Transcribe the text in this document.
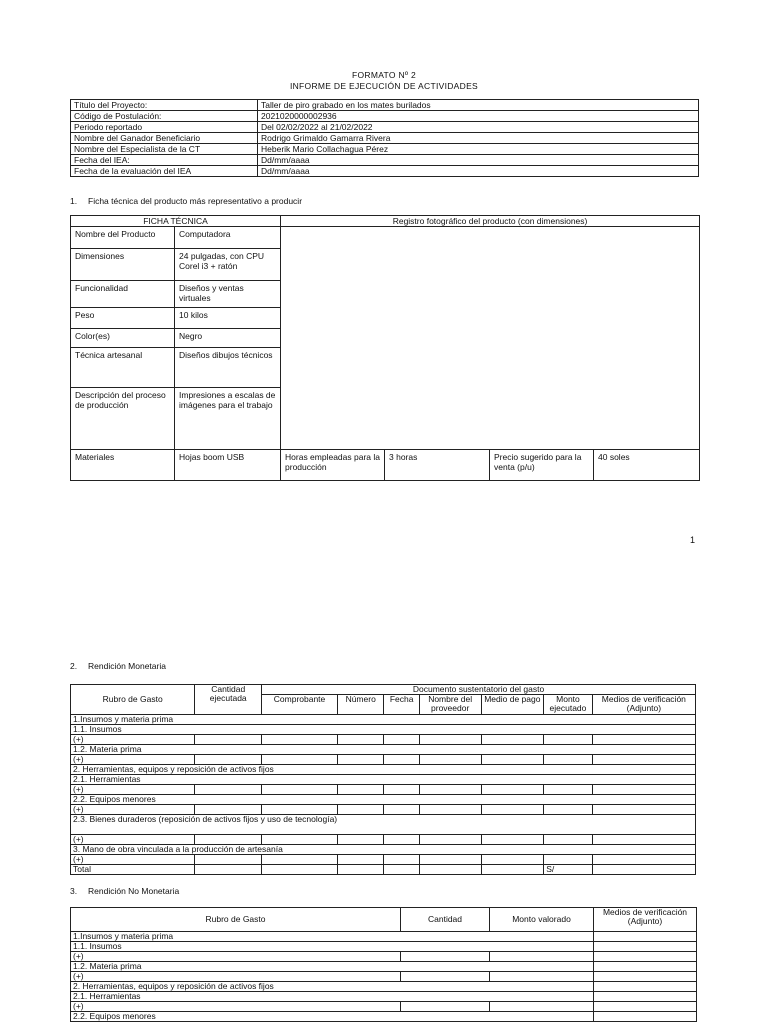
FORMATO Nº 2
INFORME DE EJECUCIÓN DE ACTIVIDADES
Título del Proyecto:	Taller de piro grabado en los mates burilados
Código de Postulación:	2021020000002936
Periodo reportado	Del 02/02/2022 al 21/02/2022
Nombre del Ganador Beneficiario	Rodrigo Grimaldo Gamarra Rivera
Nombre del Especialista de la CT	Heberik Mario Collachagua Pérez
Fecha del IEA:	Dd/mm/aaaa
Fecha de la evaluación del IEA	Dd/mm/aaaa
1. Ficha técnica del producto más representativo a producir
FICHA TÉCNICA		Registro fotográfico del producto (con dimensiones)			
Nombre del Producto	Computadora				
Dimensiones	24 pulgadas, con CPU Corel i3 + ratón				
Funcionalidad	Diseños y ventas virtuales				
Peso	10 kilos				
Color(es)	Negro				
Técnica artesanal	Diseños dibujos técnicos				
Descripción del proceso de producción	Impresiones a escalas de imágenes para el trabajo				
Materiales	Hojas boom USB	Horas empleadas para la producción	3 horas	Precio sugerido para la venta (p/u)	40 soles
1
2. Rendición Monetaria
Rubro de Gasto	Cantidad ejecutada	Documento sustentatorio del gasto						
		Comprobante	Número	Fecha	Nombre del proveedor	Medio de pago	Monto ejecutado	Medios de verificación (Adjunto)
1.Insumos y materia prima								
1.1. Insumos								
(+)								
1.2. Materia prima								
(+)								
2. Herramientas, equipos y reposición de activos fijos								
2.1. Herramientas								
(+)								
2.2. Equipos menores								
(+)								
2.3. Bienes duraderos (reposición de activos fijos y uso de tecnología)								
(+)								
3. Mano de obra vinculada a la producción de artesanía								
(+)								
Total							S/	
3. Rendición No Monetaria
Rubro de Gasto	Cantidad	Monto valorado	Medios de verificación (Adjunto)
1.Insumos y materia prima			
1.1. Insumos			
(+)			
1.2. Materia prima			
(+)			
2. Herramientas, equipos y reposición de activos fijos			
2.1. Herramientas			
(+)			
2.2. Equipos menores			
